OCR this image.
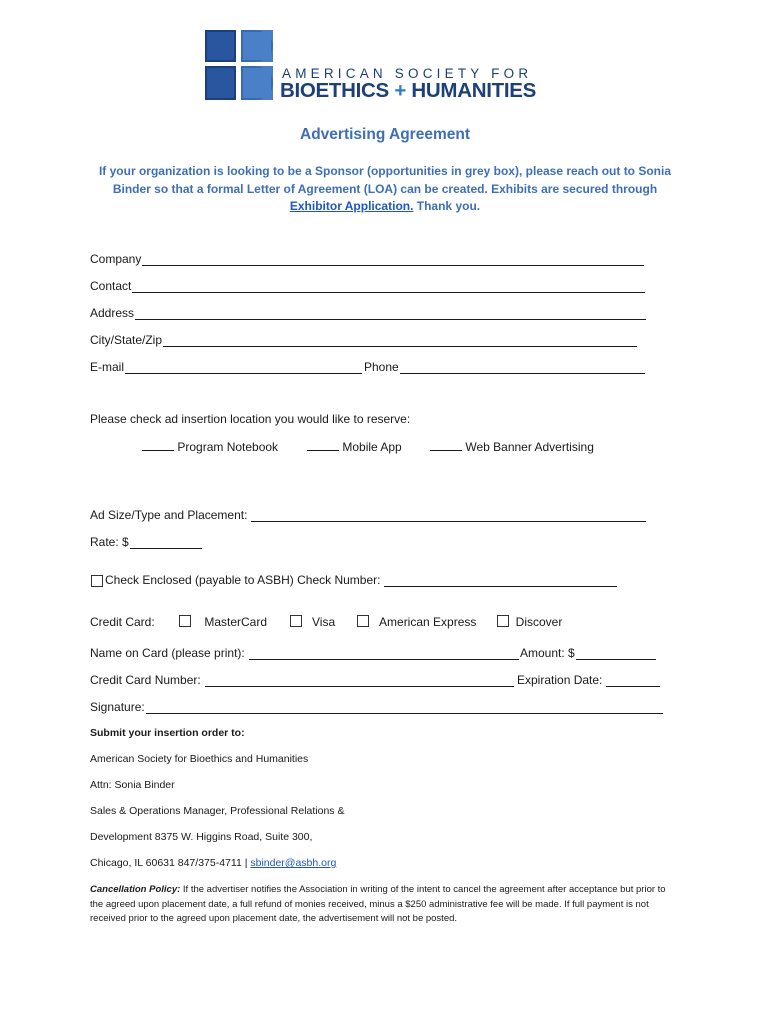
AMERICAN SOCIETY FOR
BIOETHICS + HUMANITIES
Advertising Agreement
If your organization is looking to be a Sponsor (opportunities in grey box), please reach out to Sonia Binder so that a formal Letter of Agreement (LOA) can be created. Exhibits are secured through Exhibitor Application. Thank you.
Company
Contact
Address
City/State/Zip
E-mail	Phone
Please check ad insertion location you would like to reserve:
Program Notebook	Mobile App	Web Banner Advertising
Ad Size/Type and Placement:
Rate: $
Check Enclosed (payable to ASBH) Check Number:
Credit Card:	MasterCard	Visa	American Express	Discover
Name on Card (please print):	Amount: $
Credit Card Number:	Expiration Date:
Signature:
Submit your insertion order to:
American Society for Bioethics and Humanities
Attn: Sonia Binder
Sales & Operations Manager, Professional Relations &
Development 8375 W. Higgins Road, Suite 300,
Chicago, IL 60631 847/375-4711 | sbinder@asbh.org
Cancellation Policy: If the advertiser notifies the Association in writing of the intent to cancel the agreement after acceptance but prior to the agreed upon placement date, a full refund of monies received, minus a $250 administrative fee will be made. If full payment is not received prior to the agreed upon placement date, the advertisement will not be posted.
